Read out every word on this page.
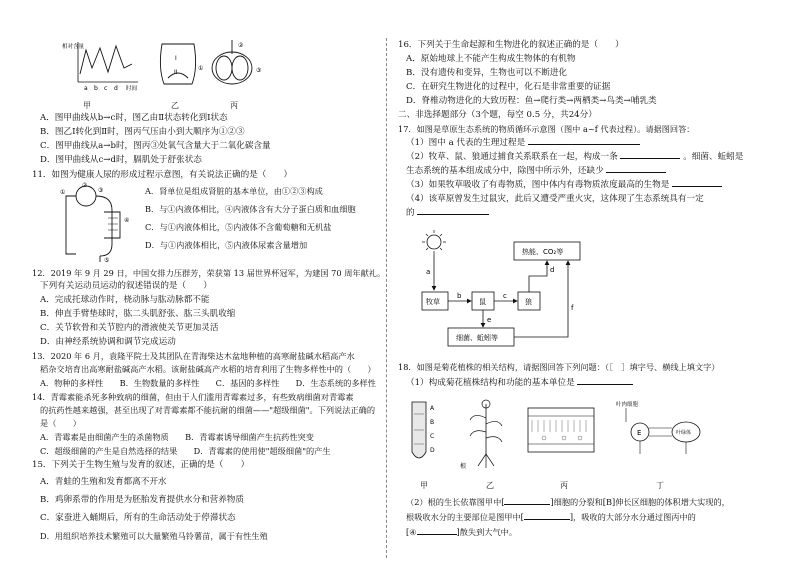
相对含量
时间
a b c d
I
II
①
②
③
甲	乙	丙
A．图甲曲线从b→c时，图乙由Ⅱ状态转化到Ⅰ状态
B．图乙Ⅰ转化到Ⅱ时，图丙气压由小到大顺序为①②③
C．图甲曲线从a→b时，图丙③处氧气含量大于二氧化碳含量
D．图甲曲线从c→d时，膈肌处于舒张状态
11．如图为健康人尿的形成过程示意图，有关说法正确的是（　　）
①
②
③
④
⑤
A．肾单位是组成肾脏的基本单位，由①②③构成
B．与①内液体相比，④内液体含有大分子蛋白质和血细胞
C．与①内液体相比，⑤内液体不含葡萄糖和无机盐
D．与①内液体相比，⑤内液体尿素含量增加
12．2019 年 9 月 29 日，中国女排力压群芳，荣获第 13 届世界杯冠军，为建国 70 周年献礼。
下列有关运动员运动的叙述错误的是（　　）
A．完成托球动作时，桡动脉与肱动脉都不能
B．伸直手臂垫球时，肱二头肌舒张、肱三头肌收缩
C．关节软骨和关节腔内的滑液使关节更加灵活
D．由神经系统协调和调节完成运动
13．2020 年 6 月，袁隆平院士及其团队在青海柴达木盆地种植的高寒耐盐碱水稻高产水
稻杂交培育出高寒耐盐碱高产水稻。该耐盐碱高产水稻的培育利用了生物多样性中的（　　）
A．物种的多样性　　B．生物数量的多样性　　C．基因的多样性　　D．生态系统的多样性
14．青霉素能杀死多种致病的细菌，但由于人们滥用青霉素过多，有些致病细菌对青霉素
的抗药性越来越强，甚至出现了对青霉素都不能抗耐的细菌——"超级细菌"。下列说法正确的
是（　　）
A．青霉素是由细菌产生的杀菌物质　　B．青霉素诱导细菌产生抗药性突变
C．超级细菌的产生是自然选择的结果　　D．青霉素的使用使"超级细菌"的产生
15．下列关于生物生殖与发育的叙述，正确的是（　　）
A．青蛙的生殖和发育都离不开水
B．鸡卵系带的作用是为胚胎发育提供水分和营养物质
C．家蚕进入蛹期后，所有的生命活动处于停滞状态
D．用组织培养技术繁殖可以大量繁殖马铃薯苗，属于有性生殖
16．下列关于生命起源和生物进化的叙述正确的是（　　）
A．原始地球上不能产生构成生物体的有机物
B．没有遗传和变异，生物也可以不断进化
C．在研究生物进化的过程中，化石是非常重要的证据
D．脊椎动物进化的大致历程：鱼→爬行类→两栖类→鸟类→哺乳类
二、非选择题部分（3个题，每空 0.5 分，共24分）
17．如图是草原生态系统的物质循环示意图（图中 a~f 代表过程）。请据图回答：
（1）图中 a 代表的生理过程是
（2）牧草、鼠、狼通过捕食关系联系在一起，构成一条	。细菌、蚯蚓是
生态系统的基本组成成分中，除图中所示外，还缺少
（3）如果牧草吸收了有毒物质，图中体内有毒物质浓度最高的生物是
（4）该草原曾发生过鼠灾，此后又遭受严重火灾，这体现了生态系统具有一定
的
a
热能、CO₂等
牧草	鼠	狼
b	c
d
细菌、蚯蚓等
e
f
18．如图是菊花植株的相关结构，请据图回答下列问题：（［　］填字号、横线上填文字）
（1）构成菊花植株结构和功能的基本单位是
A
B
C
D
根
叶肉细胞
E	叶绿体
甲	乙	丙	丁
（2）根的生长依靠图甲中[	]细胞的分裂和[B]伸长区细胞的体积增大实现的，
根吸收水分的主要部位是图甲中[	]，吸收的大部分水分通过图丙中的
[④	]散失到大气中。
